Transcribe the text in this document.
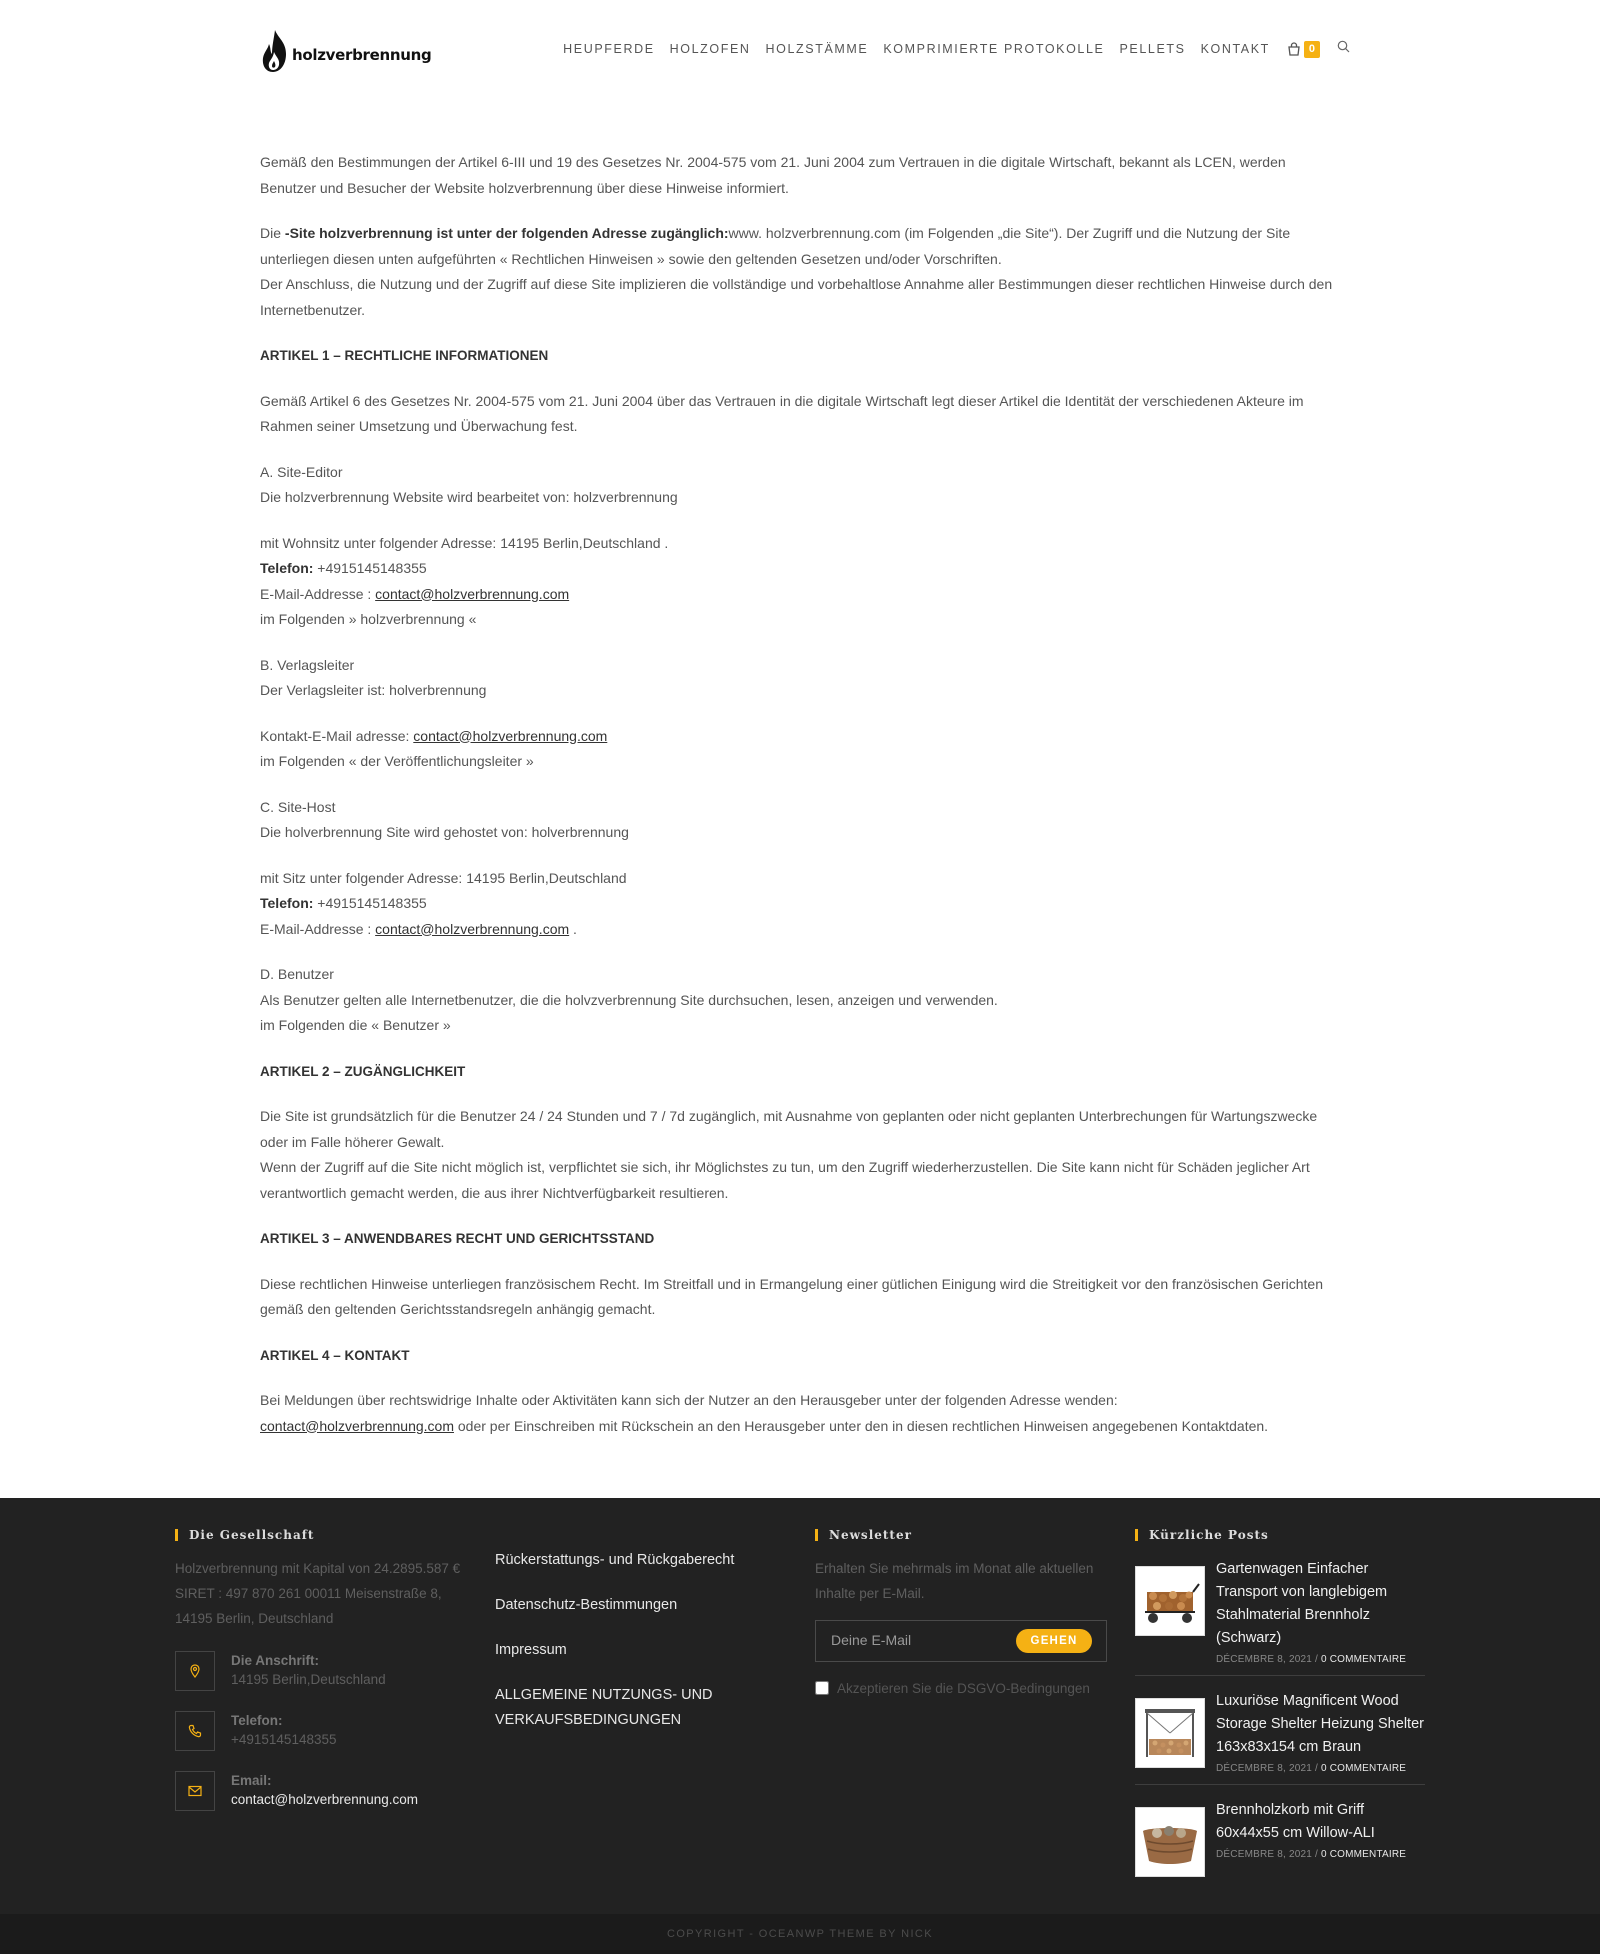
holzverbrennung	HEUPFERDE HOLZOFEN HOLZSTÄMME KOMPRIMIERTE PROTOKOLLE PELLETS KONTAKT	0

Gemäß den Bestimmungen der Artikel 6-III und 19 des Gesetzes Nr. 2004-575 vom 21. Juni 2004 zum Vertrauen in die digitale Wirtschaft, bekannt als LCEN, werden Benutzer und Besucher der Website holzverbrennung über diese Hinweise informiert.

Die -Site holzverbrennung ist unter der folgenden Adresse zugänglich:www. holzverbrennung.com (im Folgenden „die Site“). Der Zugriff und die Nutzung der Site unterliegen diesen unten aufgeführten « Rechtlichen Hinweisen » sowie den geltenden Gesetzen und/oder Vorschriften.
Der Anschluss, die Nutzung und der Zugriff auf diese Site implizieren die vollständige und vorbehaltlose Annahme aller Bestimmungen dieser rechtlichen Hinweise durch den Internetbenutzer.

ARTIKEL 1 – RECHTLICHE INFORMATIONEN

Gemäß Artikel 6 des Gesetzes Nr. 2004-575 vom 21. Juni 2004 über das Vertrauen in die digitale Wirtschaft legt dieser Artikel die Identität der verschiedenen Akteure im Rahmen seiner Umsetzung und Überwachung fest.

A. Site-Editor
Die holzverbrennung Website wird bearbeitet von: holzverbrennung

mit Wohnsitz unter folgender Adresse: 14195 Berlin,Deutschland .
Telefon: +4915145148355
E-Mail-Addresse : contact@holzverbrennung.com
im Folgenden » holzverbrennung «

B. Verlagsleiter
Der Verlagsleiter ist: holverbrennung

Kontakt-E-Mail adresse: contact@holzverbrennung.com
im Folgenden « der Veröffentlichungsleiter »

C. Site-Host
Die holverbrennung Site wird gehostet von: holverbrennung

mit Sitz unter folgender Adresse: 14195 Berlin,Deutschland
Telefon: +4915145148355
E-Mail-Addresse : contact@holzverbrennung.com .

D. Benutzer
Als Benutzer gelten alle Internetbenutzer, die die holvzverbrennung Site durchsuchen, lesen, anzeigen und verwenden.
im Folgenden die « Benutzer »

ARTIKEL 2 – ZUGÄNGLICHKEIT

Die Site ist grundsätzlich für die Benutzer 24 / 24 Stunden und 7 / 7d zugänglich, mit Ausnahme von geplanten oder nicht geplanten Unterbrechungen für Wartungszwecke oder im Falle höherer Gewalt.
Wenn der Zugriff auf die Site nicht möglich ist, verpflichtet sie sich, ihr Möglichstes zu tun, um den Zugriff wiederherzustellen. Die Site kann nicht für Schäden jeglicher Art verantwortlich gemacht werden, die aus ihrer Nichtverfügbarkeit resultieren.

ARTIKEL 3 – ANWENDBARES RECHT UND GERICHTSSTAND

Diese rechtlichen Hinweise unterliegen französischem Recht. Im Streitfall und in Ermangelung einer gütlichen Einigung wird die Streitigkeit vor den französischen Gerichten gemäß den geltenden Gerichtsstandsregeln anhängig gemacht.

ARTIKEL 4 – KONTAKT

Bei Meldungen über rechtswidrige Inhalte oder Aktivitäten kann sich der Nutzer an den Herausgeber unter der folgenden Adresse wenden:
contact@holzverbrennung.com oder per Einschreiben mit Rückschein an den Herausgeber unter den in diesen rechtlichen Hinweisen angegebenen Kontaktdaten.

Die Gesellschaft
Holzverbrennung mit Kapital von 24.2895.587 € SIRET : 497 870 261 00011 Meisenstraße 8, 14195 Berlin, Deutschland
Die Anschrift:
14195 Berlin,Deutschland
Telefon:
+4915145148355
Email:
contact@holzverbrennung.com
Rückerstattungs- und Rückgaberecht
Datenschutz-Bestimmungen
Impressum
ALLGEMEINE NUTZUNGS- UND VERKAUFSBEDINGUNGEN
Newsletter
Erhalten Sie mehrmals im Monat alle aktuellen Inhalte per E-Mail.
Deine E-Mail
GEHEN
Akzeptieren Sie die DSGVO-Bedingungen
Kürzliche Posts
Gartenwagen Einfacher Transport von langlebigem Stahlmaterial Brennholz (Schwarz)
DÉCEMBRE 8, 2021 / 0 COMMENTAIRE
Luxuriöse Magnificent Wood Storage Shelter Heizung Shelter 163x83x154 cm Braun
DÉCEMBRE 8, 2021 / 0 COMMENTAIRE
Brennholzkorb mit Griff 60x44x55 cm Willow-ALI
DÉCEMBRE 8, 2021 / 0 COMMENTAIRE
COPYRIGHT - OCEANWP THEME BY NICK
